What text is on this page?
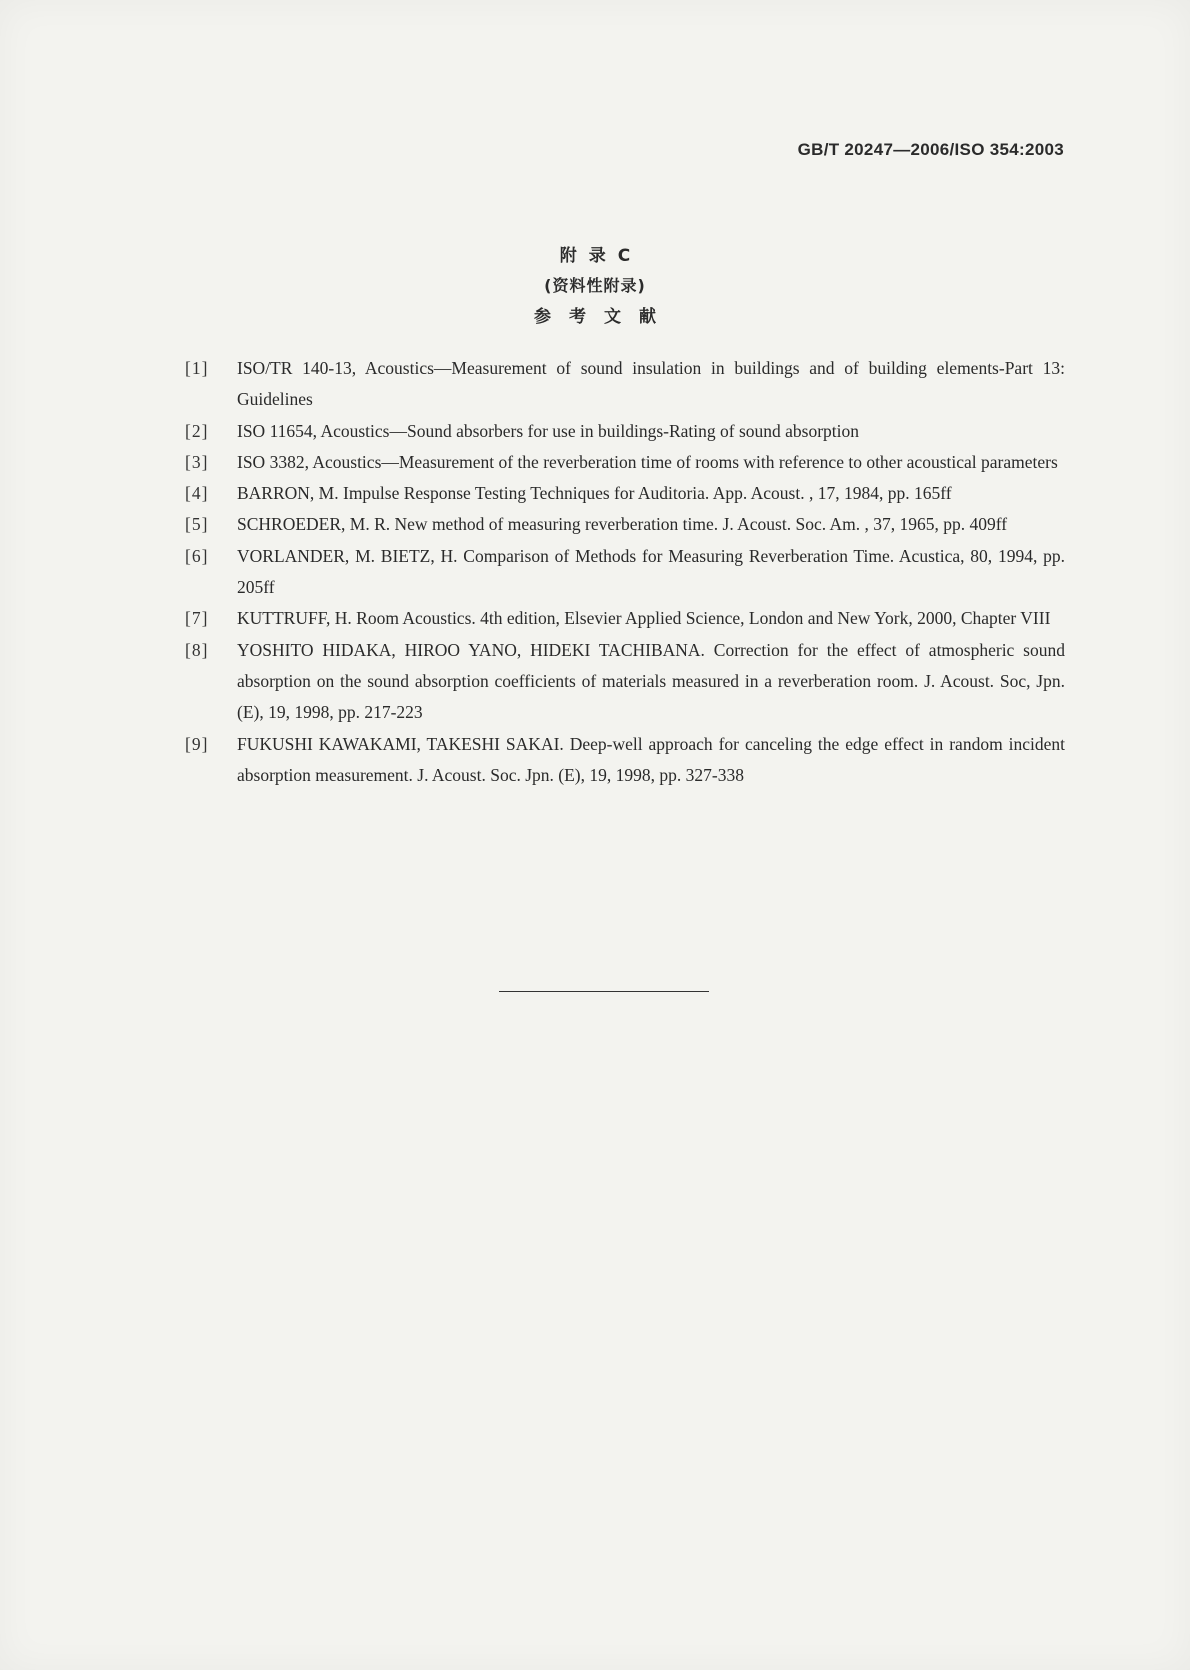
GB/T 20247—2006/ISO 354:2003
附录C
(资料性附录)
参考文献

[1] ISO/TR 140-13, Acoustics—Measurement of sound insulation in buildings and of building elements-Part 13: Guidelines

[2] ISO 11654, Acoustics—Sound absorbers for use in buildings-Rating of sound absorption

[3] ISO 3382, Acoustics—Measurement of the reverberation time of rooms with reference to other acoustical parameters

[4] BARRON, M. Impulse Response Testing Techniques for Auditoria. App. Acoust. , 17, 1984, pp. 165ff

[5] SCHROEDER, M. R. New method of measuring reverberation time. J. Acoust. Soc. Am. , 37, 1965, pp. 409ff

[6] VORLANDER, M. BIETZ, H. Comparison of Methods for Measuring Reverberation Time. Acustica, 80, 1994, pp. 205ff

[7] KUTTRUFF, H. Room Acoustics. 4th edition, Elsevier Applied Science, London and New York, 2000, Chapter VIII

[8] YOSHITO HIDAKA, HIROO YANO, HIDEKI TACHIBANA. Correction for the effect of atmospheric sound absorption on the sound absorption coefficients of materials measured in a reverberation room. J. Acoust. Soc, Jpn. (E), 19, 1998, pp. 217-223

[9] FUKUSHI KAWAKAMI, TAKESHI SAKAI. Deep-well approach for canceling the edge effect in random incident absorption measurement. J. Acoust. Soc. Jpn. (E), 19, 1998, pp. 327-338
